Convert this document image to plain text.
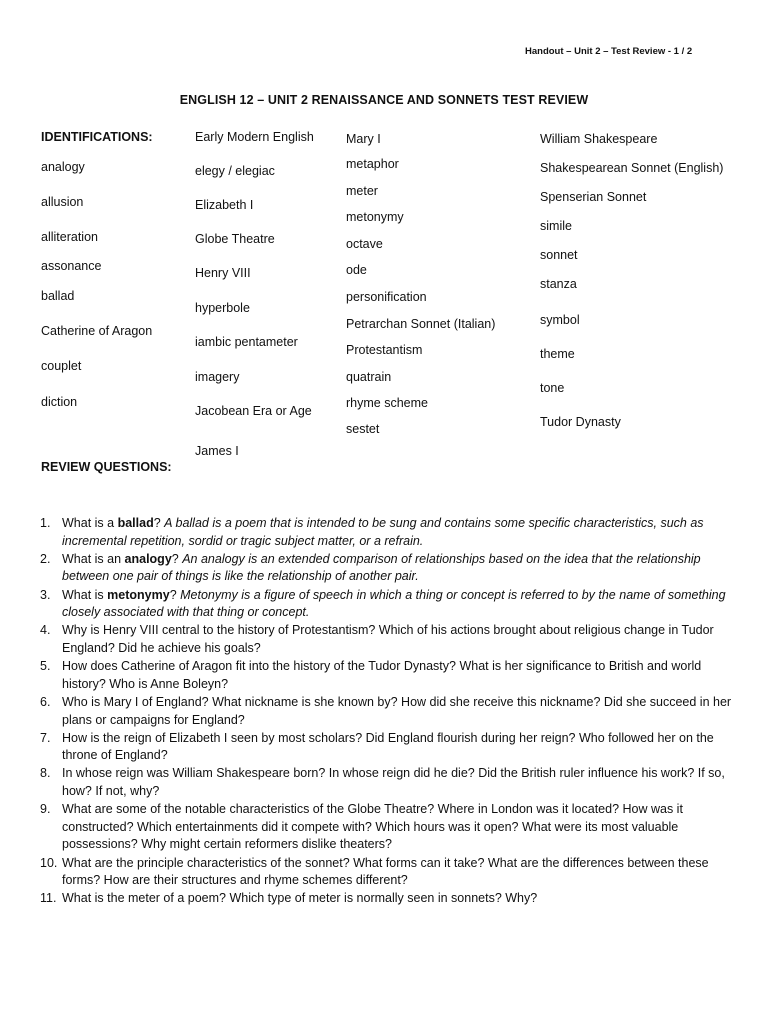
Handout – Unit 2 – Test Review - 1 / 2
ENGLISH 12 – UNIT 2 RENAISSANCE AND SONNETS TEST REVIEW
IDENTIFICATIONS:
analogy
allusion
alliteration
assonance
ballad
Catherine of Aragon
couplet
diction
REVIEW QUESTIONS:
Early Modern English
elegy / elegiac
Elizabeth I
Globe Theatre
Henry VIII
hyperbole
iambic pentameter
imagery
Jacobean Era or Age
James I
Mary I
metaphor
meter
metonymy
octave
ode
personification
Petrarchan Sonnet (Italian)
Protestantism
quatrain
rhyme scheme
sestet
William Shakespeare
Shakespearean Sonnet (English)
Spenserian Sonnet
simile
sonnet
stanza
symbol
theme
tone
Tudor Dynasty
1. What is a ballad? A ballad is a poem that is intended to be sung and contains some specific characteristics, such as incremental repetition, sordid or tragic subject matter, or a refrain.
2. What is an analogy? An analogy is an extended comparison of relationships based on the idea that the relationship between one pair of things is like the relationship of another pair.
3. What is metonymy? Metonymy is a figure of speech in which a thing or concept is referred to by the name of something closely associated with that thing or concept.
4. Why is Henry VIII central to the history of Protestantism? Which of his actions brought about religious change in Tudor England? Did he achieve his goals?
5. How does Catherine of Aragon fit into the history of the Tudor Dynasty? What is her significance to British and world history? Who is Anne Boleyn?
6. Who is Mary I of England? What nickname is she known by? How did she receive this nickname? Did she succeed in her plans or campaigns for England?
7. How is the reign of Elizabeth I seen by most scholars? Did England flourish during her reign? Who followed her on the throne of England?
8. In whose reign was William Shakespeare born? In whose reign did he die? Did the British ruler influence his work? If so, how? If not, why?
9. What are some of the notable characteristics of the Globe Theatre? Where in London was it located? How was it constructed? Which entertainments did it compete with? Which hours was it open? What were its most valuable possessions? Why might certain reformers dislike theaters?
10. What are the principle characteristics of the sonnet? What forms can it take? What are the differences between these forms? How are their structures and rhyme schemes different?
11. What is the meter of a poem? Which type of meter is normally seen in sonnets? Why?
